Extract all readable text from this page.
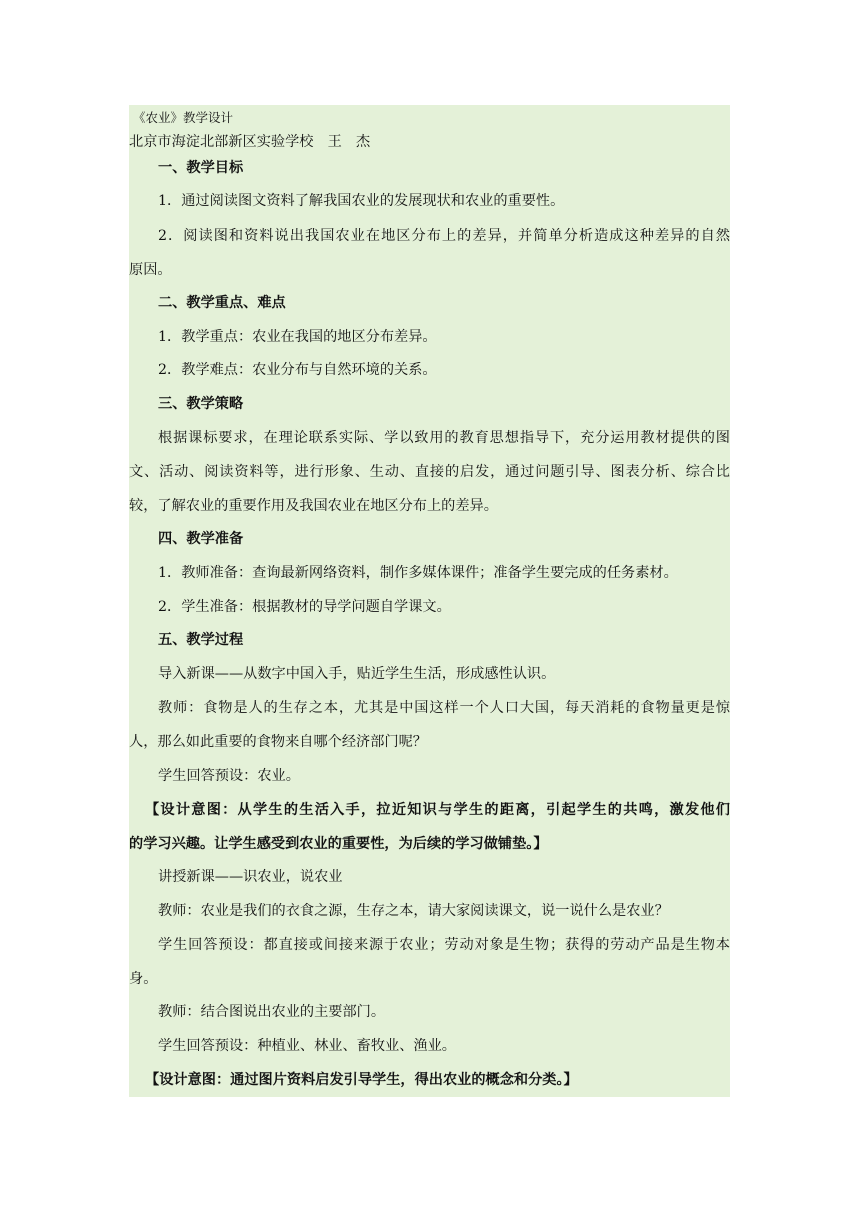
《农业》教学设计

北京市海淀北部新区实验学校　王　杰

一、教学目标

1．通过阅读图文资料了解我国农业的发展现状和农业的重要性。

2．阅读图和资料说出我国农业在地区分布上的差异，并简单分析造成这种差异的自然

原因。

二、教学重点、难点

1．教学重点：农业在我国的地区分布差异。

2．教学难点：农业分布与自然环境的关系。

三、教学策略

根据课标要求，在理论联系实际、学以致用的教育思想指导下，充分运用教材提供的图

文、活动、阅读资料等，进行形象、生动、直接的启发，通过问题引导、图表分析、综合比

较，了解农业的重要作用及我国农业在地区分布上的差异。

四、教学准备

1．教师准备：查询最新网络资料，制作多媒体课件；准备学生要完成的任务素材。

2．学生准备：根据教材的导学问题自学课文。

五、教学过程

导入新课——从数字中国入手，贴近学生生活，形成感性认识。

教师：食物是人的生存之本，尤其是中国这样一个人口大国，每天消耗的食物量更是惊

人，那么如此重要的食物来自哪个经济部门呢？

学生回答预设：农业。

【设计意图：从学生的生活入手，拉近知识与学生的距离，引起学生的共鸣，激发他们

的学习兴趣。让学生感受到农业的重要性，为后续的学习做铺垫。】

讲授新课——识农业，说农业

教师：农业是我们的衣食之源，生存之本，请大家阅读课文，说一说什么是农业？

学生回答预设：都直接或间接来源于农业；劳动对象是生物；获得的劳动产品是生物本

身。

教师：结合图说出农业的主要部门。

学生回答预设：种植业、林业、畜牧业、渔业。

【设计意图：通过图片资料启发引导学生，得出农业的概念和分类。】
